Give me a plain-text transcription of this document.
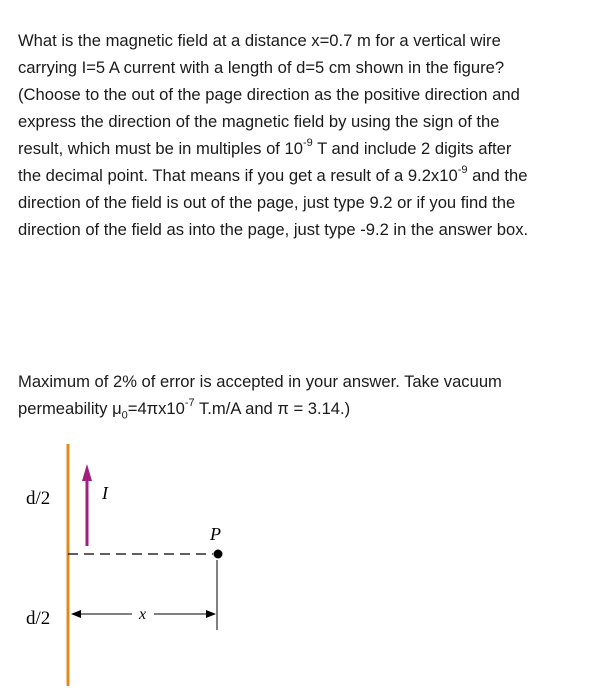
What is the magnetic field at a distance x=0.7 m for a vertical wire
carrying I=5 A current with a length of d=5 cm shown in the figure?
(Choose to the out of the page direction as the positive direction and
express the direction of the magnetic field by using the sign of the
result, which must be in multiples of $10^{-9}$ T and include 2 digits after
the decimal point. That means if you get a result of a $9.2x10^{-9}$ and the
direction of the field is out of the page, just type 9.2 or if you find the
direction of the field as into the page, just type -9.2 in the answer box.
Maximum of 2% of error is accepted in your answer. Take vacuum
permeability $\mu_0=4\pi x10^{-7}$ T.m/A and π = 3.14.)
d/2
d/2
I
P
x
